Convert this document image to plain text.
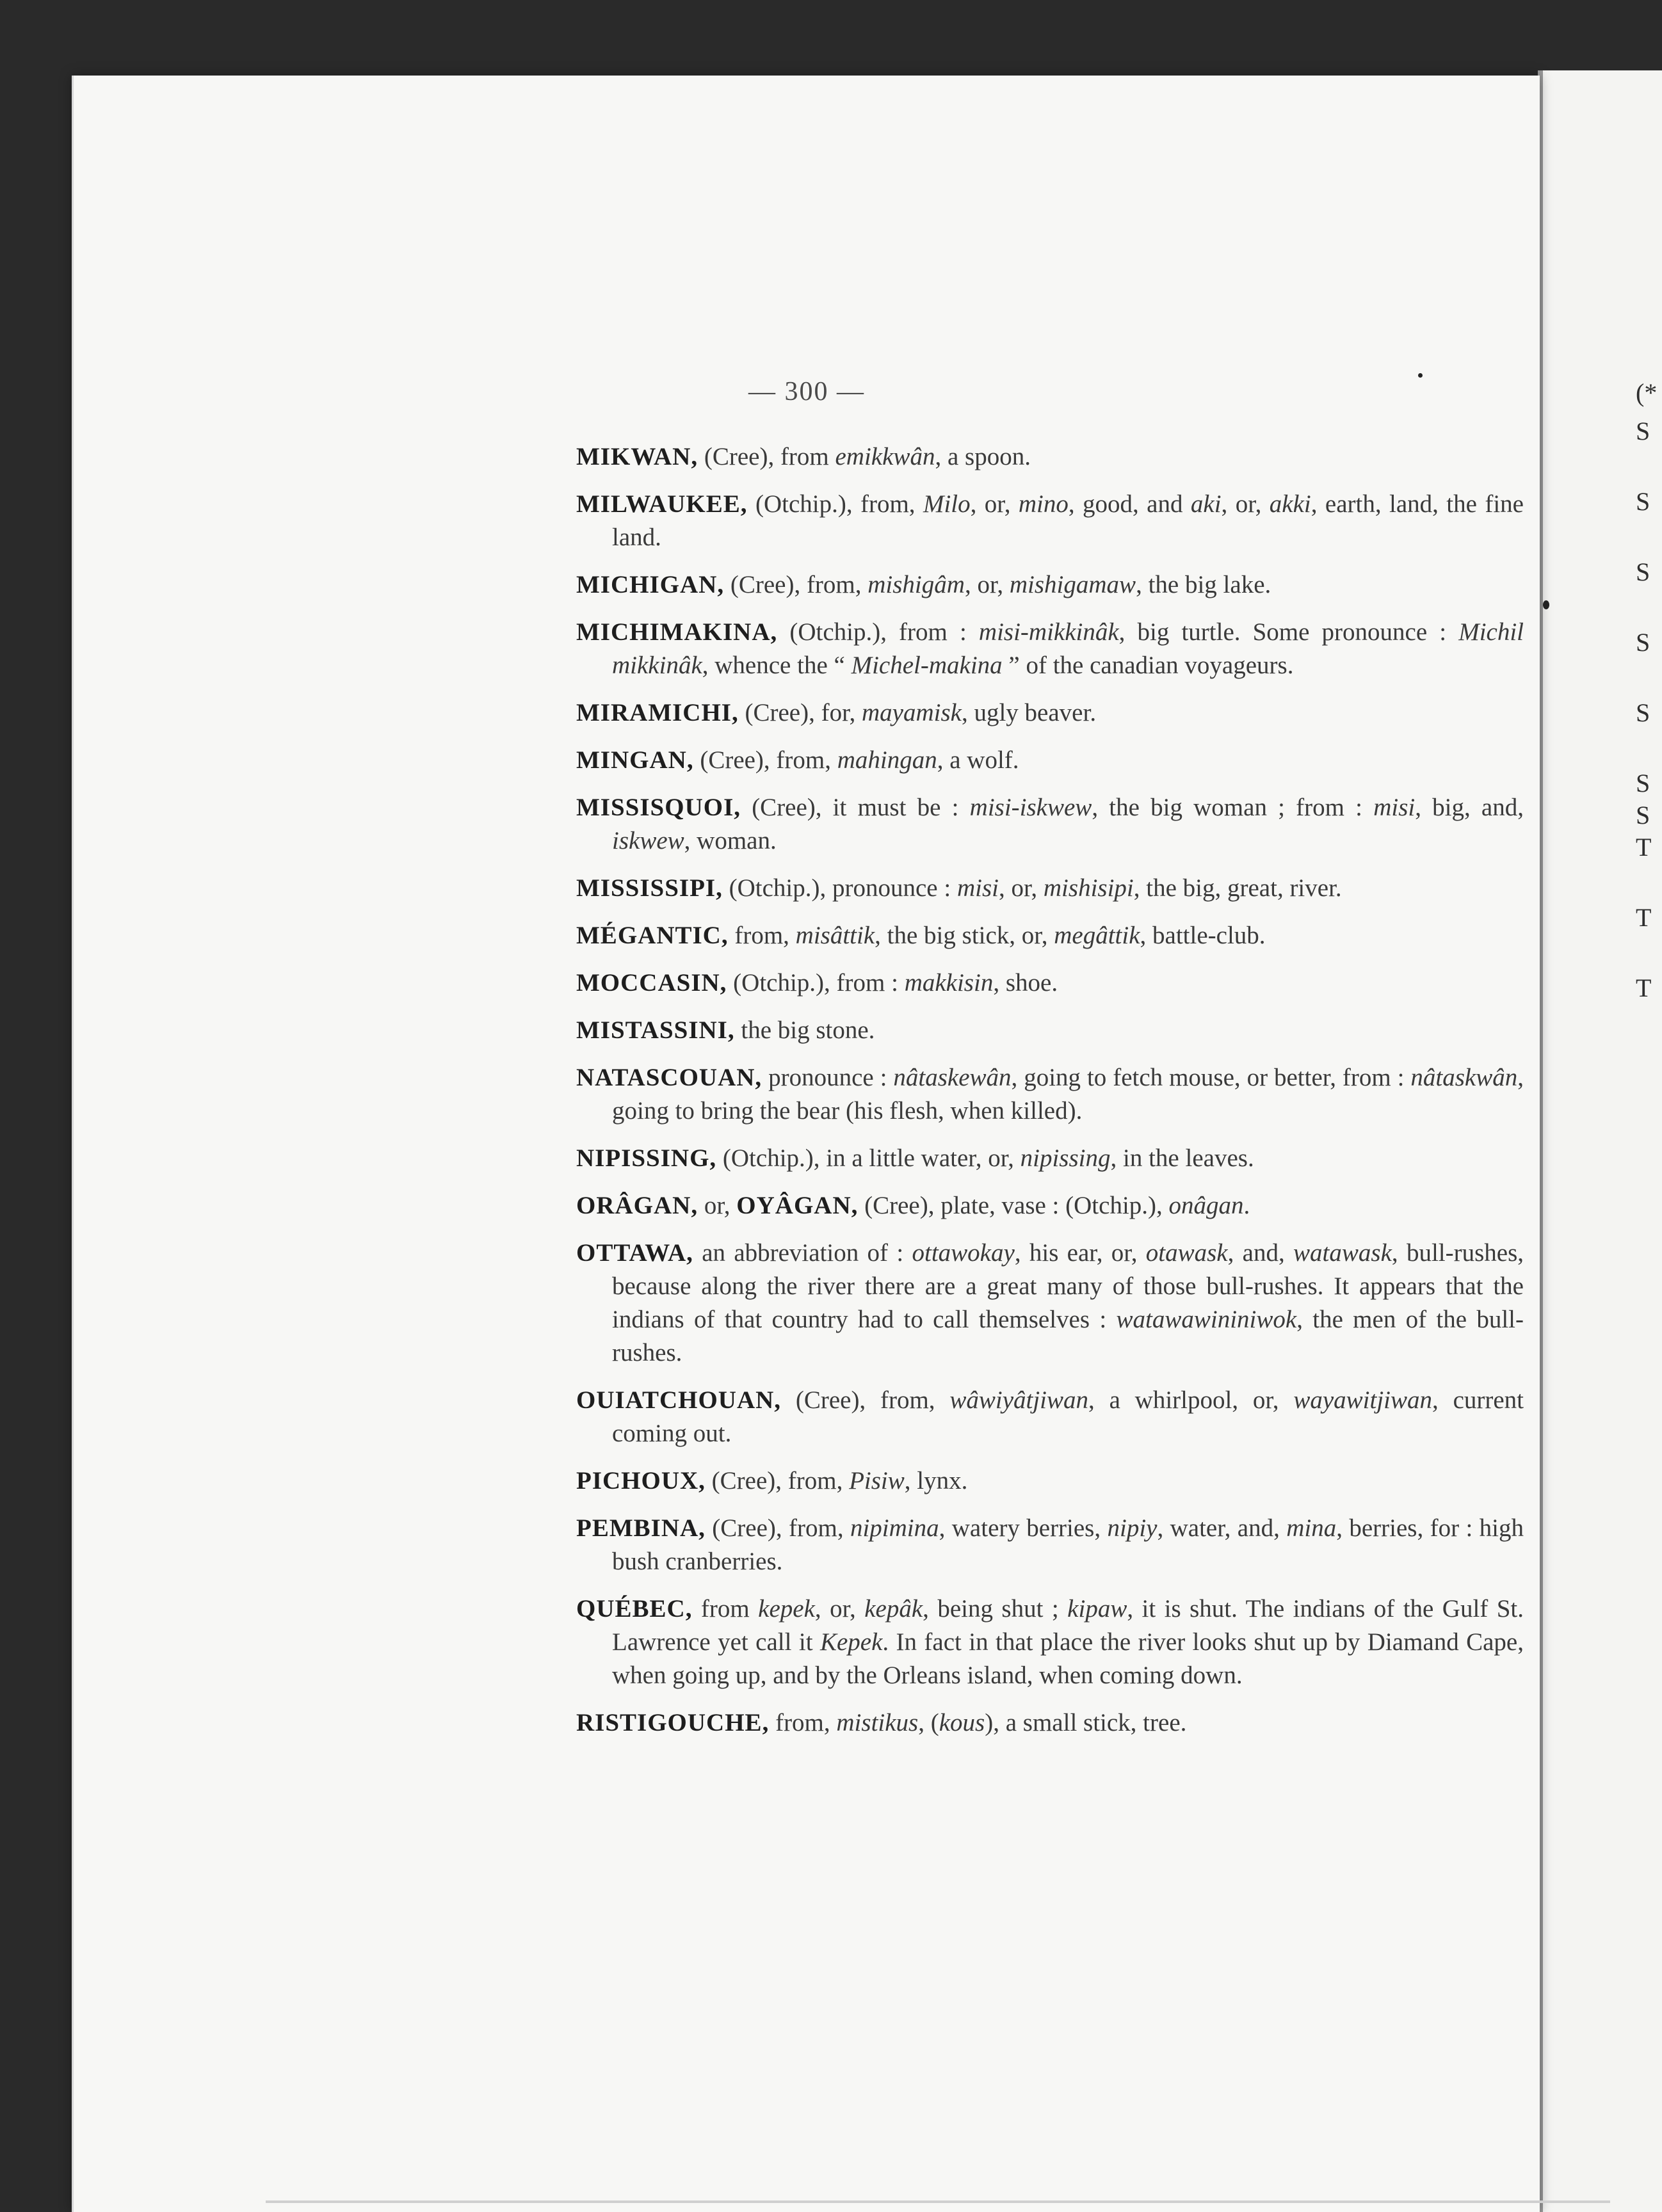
— 300 —

MIKWAN, (Cree), from emikkwân, a spoon.

MILWAUKEE, (Otchip.), from, Milo, or, mino, good, and aki, or, akki, earth, land, the fine land.

MICHIGAN, (Cree), from, mishigâm, or, mishigamaw, the big lake.

MICHIMAKINA, (Otchip.), from : misi-mikkinâk, big turtle. Some pronounce : Michil mikkinâk, whence the “ Michel-makina ” of the canadian voyageurs.

MIRAMICHI, (Cree), for, mayamisk, ugly beaver.

MINGAN, (Cree), from, mahingan, a wolf.

MISSISQUOI, (Cree), it must be : misi-iskwew, the big woman ; from : misi, big, and, iskwew, woman.

MISSISSIPI, (Otchip.), pronounce : misi, or, mishisipi, the big, great, river.

MÉGANTIC, from, misâttik, the big stick, or, megâttik, battle-club.

MOCCASIN, (Otchip.), from : makkisin, shoe.

MISTASSINI, the big stone.

NATASCOUAN, pronounce : nâtaskewân, going to fetch mouse, or better, from : nâtaskwân, going to bring the bear (his flesh, when killed).

NIPISSING, (Otchip.), in a little water, or, nipissing, in the leaves.

ORÂGAN, or, OYÂGAN, (Cree), plate, vase : (Otchip.), onâgan.

OTTAWA, an abbreviation of : ottawokay, his ear, or, otawask, and, watawask, bull-rushes, because along the river there are a great many of those bull-rushes. It appears that the indians of that country had to call themselves : watawawininiwok, the men of the bull-rushes.

OUIATCHOUAN, (Cree), from, wâwiyâtjiwan, a whirlpool, or, wayawitjiwan, current coming out.

PICHOUX, (Cree), from, Pisiw, lynx.

PEMBINA, (Cree), from, nipimina, watery berries, nipiy, water, and, mina, berries, for : high bush cranberries.

QUÉBEC, from kepek, or, kepâk, being shut ; kipaw, it is shut. The indians of the Gulf St. Lawrence yet call it Kepek. In fact in that place the river looks shut up by Diamand Cape, when going up, and by the Orleans island, when coming down.

RISTIGOUCHE, from, mistikus, (kous), a small stick, tree.

(*
S
S
S
S
S
S
S
T
T
T
